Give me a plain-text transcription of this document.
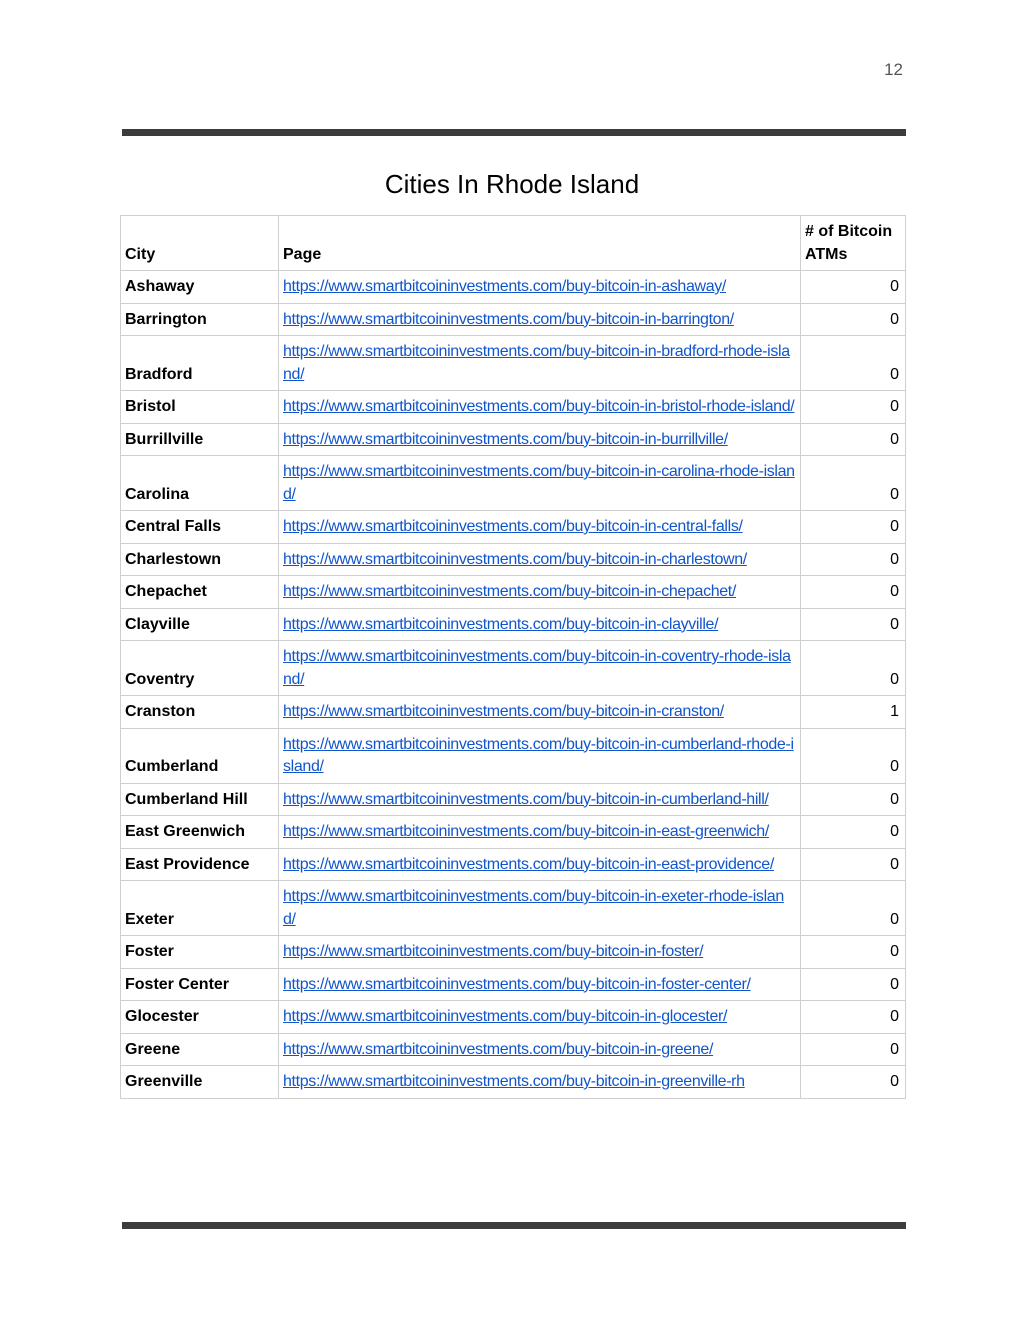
12
Cities In Rhode Island
City	Page	# of Bitcoin ATMs
Ashaway	https://www.smartbitcoininvestments.com/buy-bitcoin-in-ashaway/	0
Barrington	https://www.smartbitcoininvestments.com/buy-bitcoin-in-barrington/	0
Bradford	https://www.smartbitcoininvestments.com/buy-bitcoin-in-bradford-rhode-island/	0
Bristol	https://www.smartbitcoininvestments.com/buy-bitcoin-in-bristol-rhode-island/	0
Burrillville	https://www.smartbitcoininvestments.com/buy-bitcoin-in-burrillville/	0
Carolina	https://www.smartbitcoininvestments.com/buy-bitcoin-in-carolina-rhode-island/	0
Central Falls	https://www.smartbitcoininvestments.com/buy-bitcoin-in-central-falls/	0
Charlestown	https://www.smartbitcoininvestments.com/buy-bitcoin-in-charlestown/	0
Chepachet	https://www.smartbitcoininvestments.com/buy-bitcoin-in-chepachet/	0
Clayville	https://www.smartbitcoininvestments.com/buy-bitcoin-in-clayville/	0
Coventry	https://www.smartbitcoininvestments.com/buy-bitcoin-in-coventry-rhode-island/	0
Cranston	https://www.smartbitcoininvestments.com/buy-bitcoin-in-cranston/	1
Cumberland	https://www.smartbitcoininvestments.com/buy-bitcoin-in-cumberland-rhode-island/	0
Cumberland Hill	https://www.smartbitcoininvestments.com/buy-bitcoin-in-cumberland-hill/	0
East Greenwich	https://www.smartbitcoininvestments.com/buy-bitcoin-in-east-greenwich/	0
East Providence	https://www.smartbitcoininvestments.com/buy-bitcoin-in-east-providence/	0
Exeter	https://www.smartbitcoininvestments.com/buy-bitcoin-in-exeter-rhode-island/	0
Foster	https://www.smartbitcoininvestments.com/buy-bitcoin-in-foster/	0
Foster Center	https://www.smartbitcoininvestments.com/buy-bitcoin-in-foster-center/	0
Glocester	https://www.smartbitcoininvestments.com/buy-bitcoin-in-glocester/	0
Greene	https://www.smartbitcoininvestments.com/buy-bitcoin-in-greene/	0
Greenville	https://www.smartbitcoininvestments.com/buy-bitcoin-in-greenville-rh	0
